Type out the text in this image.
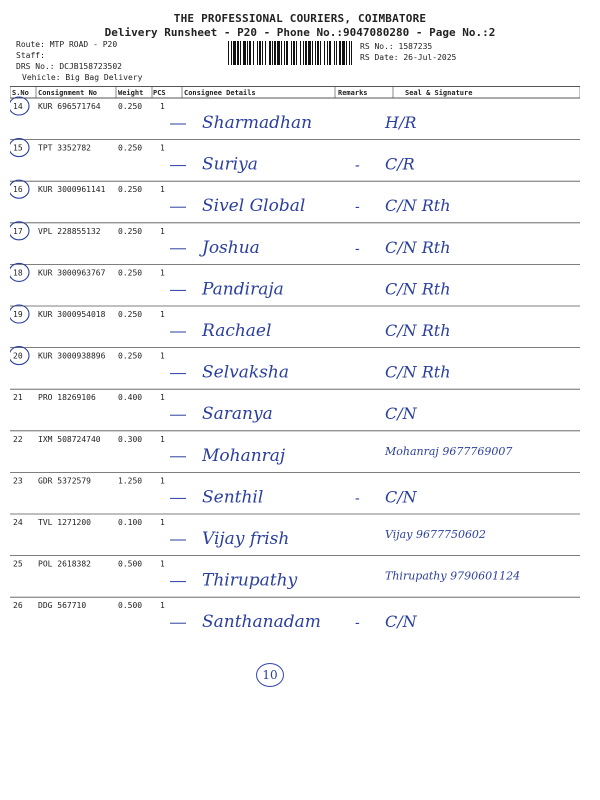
THE PROFESSIONAL COURIERS, COIMBATORE
Delivery Runsheet - P20 - Phone No.:9047080280 - Page No.:2
Route: MTP ROAD - P20
Staff:
DRS No.: DCJB158723502
Vehicle: Big Bag Delivery
RS No.: 1587235
RS Date: 26-Jul-2025
S.No Consignment No	Weight PCS	Consignee Details	Remarks	Seal & Signature
14 KUR 696571764 0.250 1
Sharmadhan	H/R
15 TPT 3352782	0.250 1
Suriya	- C/R
16 KUR 3000961141 0.250 1
Sivel Global	- C/N Rth
17 VPL 228855132 0.250 1
Joshua	- C/N Rth
18 KUR 3000963767 0.250 1
Pandiraja	C/N Rth
19 KUR 3000954018 0.250 1
Rachael	C/N Rth
20 KUR 3000938896 0.250 1
Selvaksha	C/N Rth
21 PRO 18269106	0.400 1
Saranya	C/N
22 IXM 508724740 0.300 1
Mohanraj	Mohanraj 9677769007
23 GDR 5372579	1.250 1
Senthil	- C/N
24 TVL 1271200	0.100 1
Vijay frish	Vijay 9677750602
25 POL 2618382	0.500 1
Thirupathy	Thirupathy 9790601124
26 DDG 567710	0.500 1
Santhanadam - C/N
10
